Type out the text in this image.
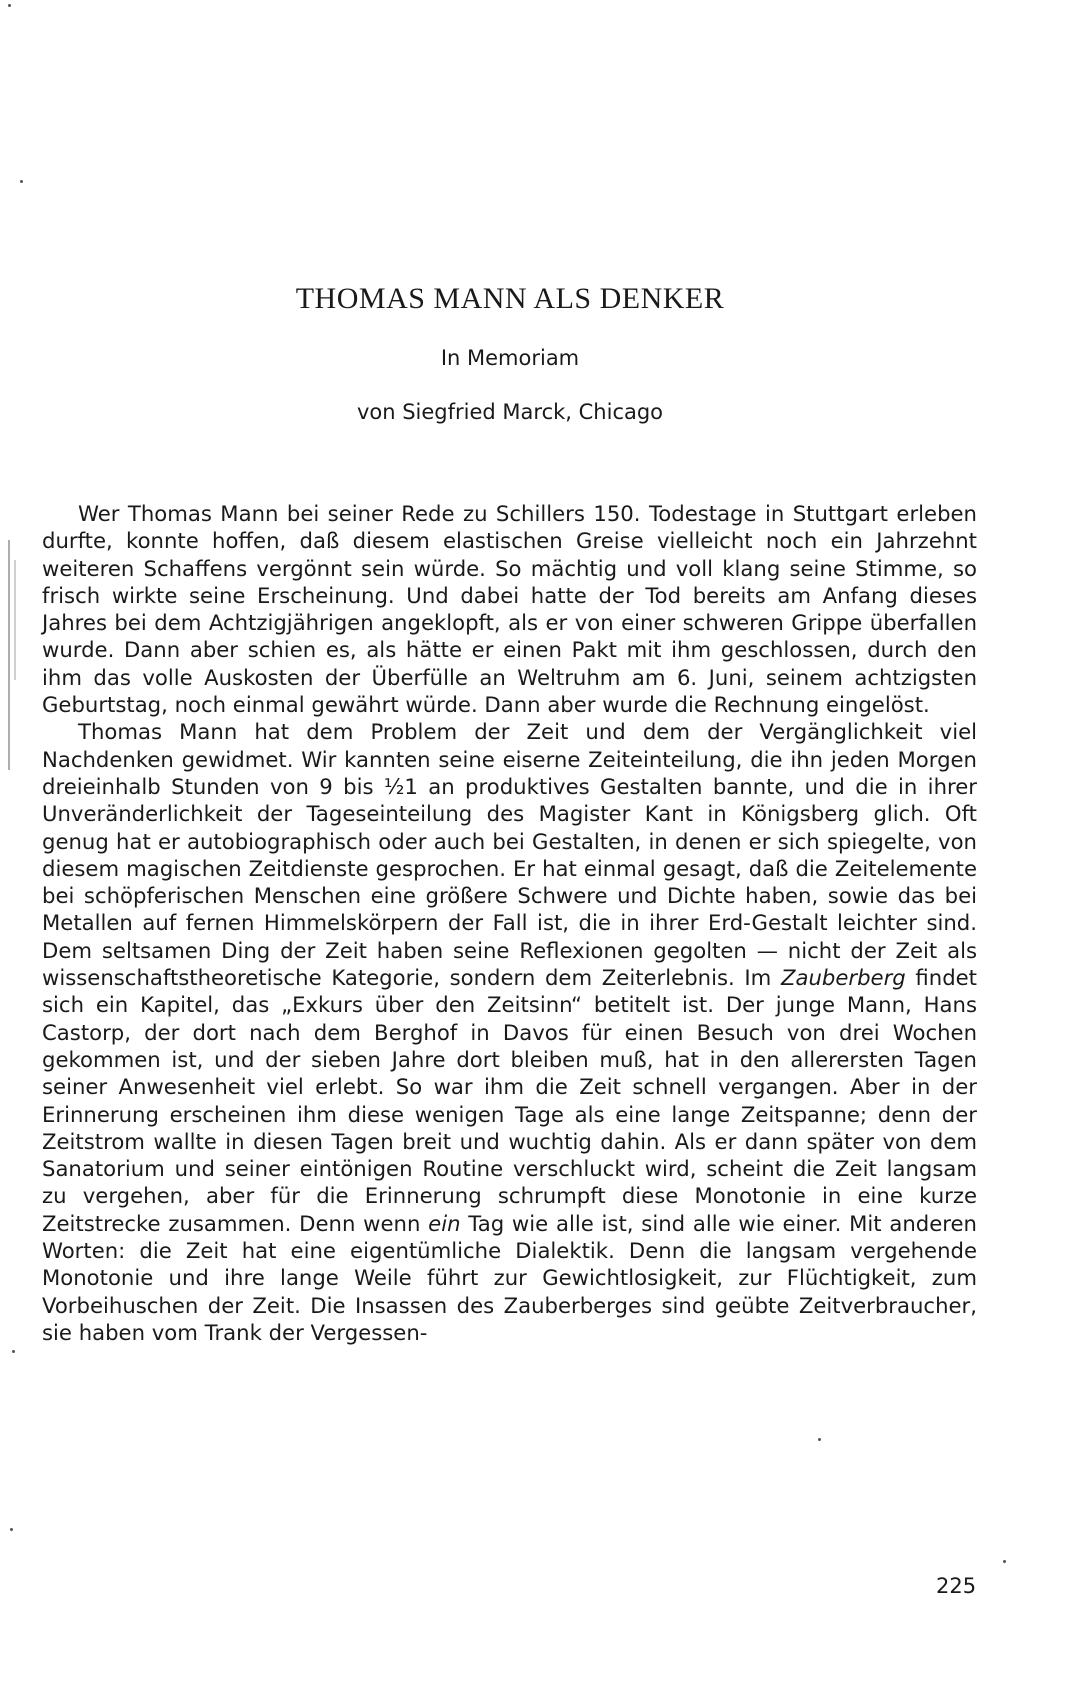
THOMAS MANN ALS DENKER
In Memoriam
von Siegfried Marck, Chicago

Wer Thomas Mann bei seiner Rede zu Schillers 150. Todestage in Stuttgart erleben durfte, konnte hoffen, daß diesem elastischen Greise vielleicht noch ein Jahrzehnt weiteren Schaffens vergönnt sein würde. So mächtig und voll klang seine Stimme, so frisch wirkte seine Erscheinung. Und dabei hatte der Tod bereits am Anfang dieses Jahres bei dem Achtzigjährigen angeklopft, als er von einer schweren Grippe überfallen wurde. Dann aber schien es, als hätte er einen Pakt mit ihm geschlossen, durch den ihm das volle Auskosten der Überfülle an Weltruhm am 6. Juni, seinem achtzigsten Geburtstag, noch einmal gewährt würde. Dann aber wurde die Rechnung eingelöst.

Thomas Mann hat dem Problem der Zeit und dem der Vergänglichkeit viel Nachdenken gewidmet. Wir kannten seine eiserne Zeiteinteilung, die ihn jeden Morgen dreieinhalb Stunden von 9 bis ½1 an produktives Gestalten bannte, und die in ihrer Unveränderlichkeit der Tageseinteilung des Magister Kant in Königsberg glich. Oft genug hat er autobiographisch oder auch bei Gestalten, in denen er sich spiegelte, von diesem magischen Zeitdienste gesprochen. Er hat einmal gesagt, daß die Zeitelemente bei schöpferischen Menschen eine größere Schwere und Dichte haben, sowie das bei Metallen auf fernen Himmelskörpern der Fall ist, die in ihrer Erd-Gestalt leichter sind. Dem seltsamen Ding der Zeit haben seine Reflexionen gegolten — nicht der Zeit als wissenschaftstheoretische Kategorie, sondern dem Zeiterlebnis. Im Zauberberg findet sich ein Kapitel, das „Exkurs über den Zeitsinn“ betitelt ist. Der junge Mann, Hans Castorp, der dort nach dem Berghof in Davos für einen Besuch von drei Wochen gekommen ist, und der sieben Jahre dort bleiben muß, hat in den allerersten Tagen seiner Anwesenheit viel erlebt. So war ihm die Zeit schnell vergangen. Aber in der Erinnerung erscheinen ihm diese wenigen Tage als eine lange Zeitspanne; denn der Zeitstrom wallte in diesen Tagen breit und wuchtig dahin. Als er dann später von dem Sanatorium und seiner eintönigen Routine verschluckt wird, scheint die Zeit langsam zu vergehen, aber für die Erinnerung schrumpft diese Monotonie in eine kurze Zeitstrecke zusammen. Denn wenn ein Tag wie alle ist, sind alle wie einer. Mit anderen Worten: die Zeit hat eine eigentümliche Dialektik. Denn die langsam vergehende Monotonie und ihre lange Weile führt zur Gewichtlosigkeit, zur Flüchtigkeit, zum Vorbeihuschen der Zeit. Die Insassen des Zauberberges sind geübte Zeitverbraucher, sie haben vom Trank der Vergessen-

225
